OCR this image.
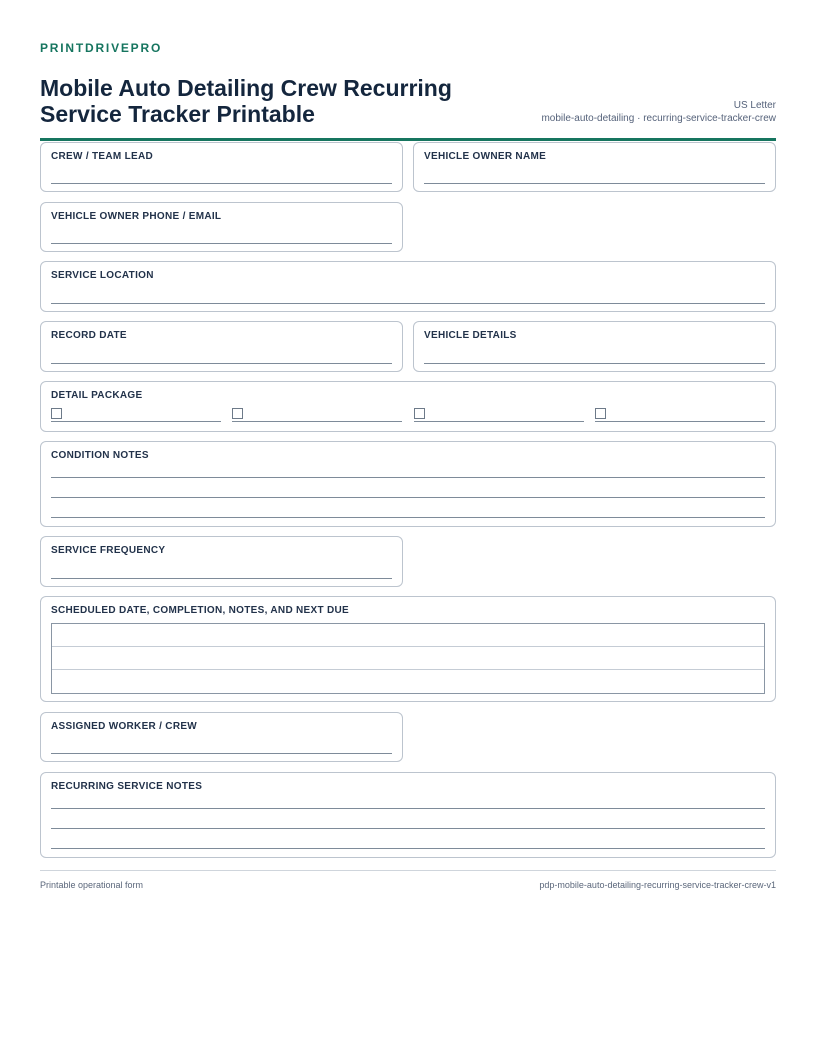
PRINTDRIVEPRO
Mobile Auto Detailing Crew Recurring Service Tracker Printable	US Letter
mobile-auto-detailing · recurring-service-tracker-crew
CREW / TEAM LEAD	VEHICLE OWNER NAME
VEHICLE OWNER PHONE / EMAIL
SERVICE LOCATION
RECORD DATE	VEHICLE DETAILS
DETAIL PACKAGE
CONDITION NOTES
SERVICE FREQUENCY
SCHEDULED DATE, COMPLETION, NOTES, AND NEXT DUE
ASSIGNED WORKER / CREW
RECURRING SERVICE NOTES
Printable operational form	pdp-mobile-auto-detailing-recurring-service-tracker-crew-v1
